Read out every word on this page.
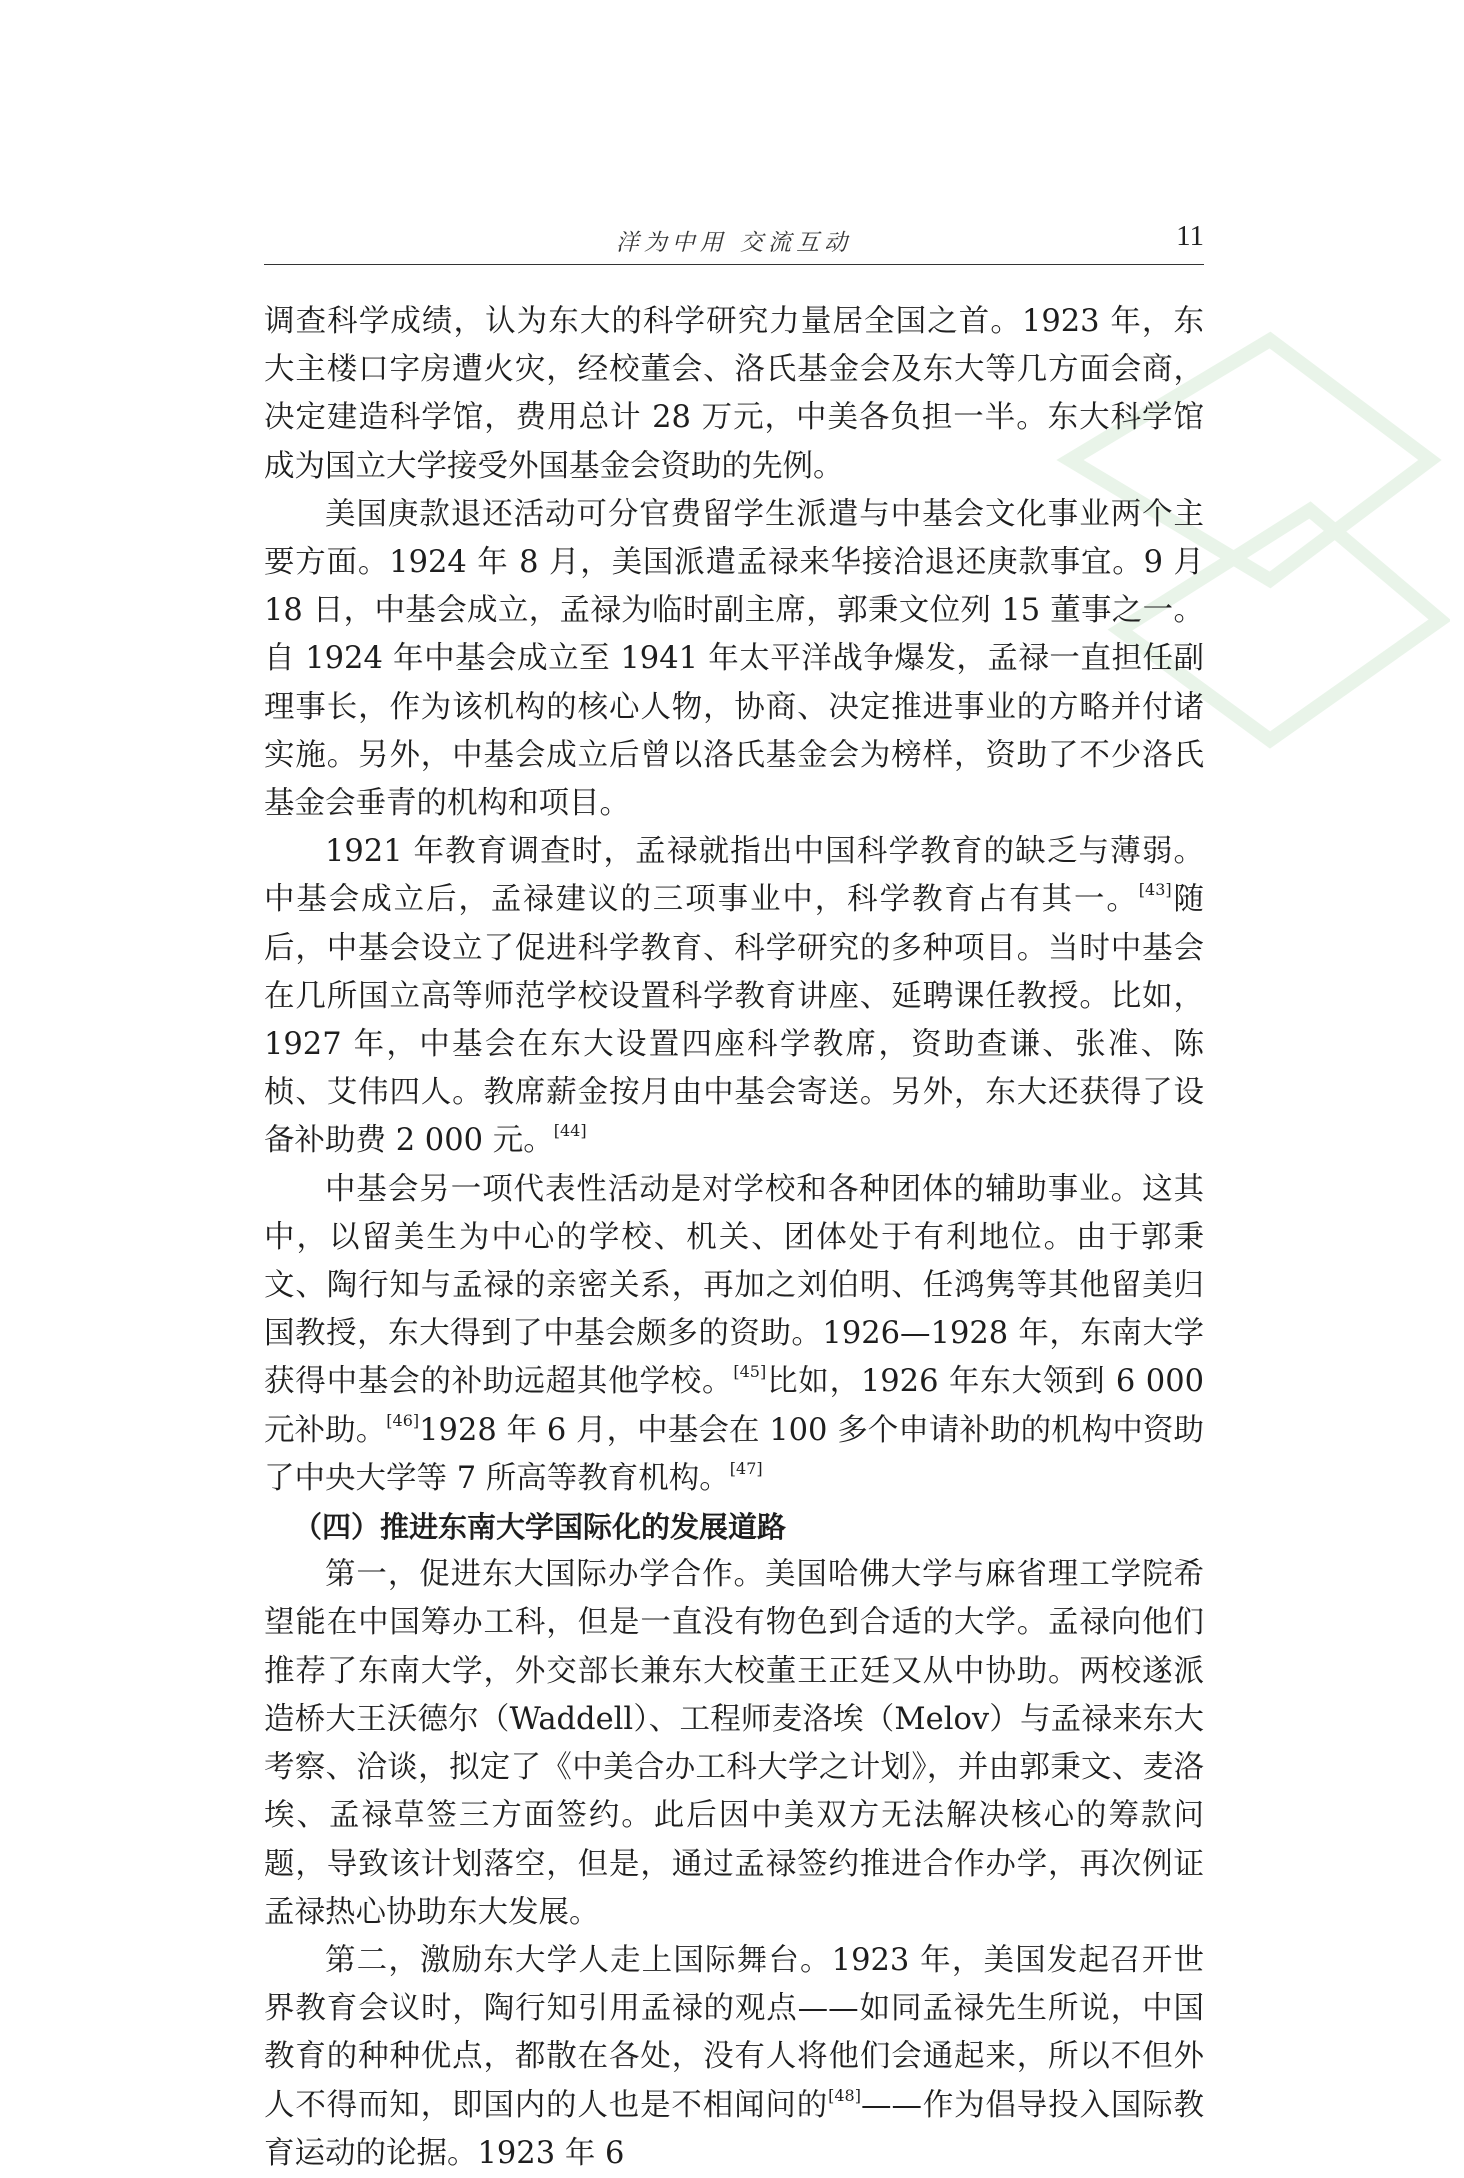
洋为中用 交流互动	11

调查科学成绩，认为东大的科学研究力量居全国之首。1923 年，东大主楼口字房遭火灾，经校董会、洛氏基金会及东大等几方面会商，决定建造科学馆，费用总计 28 万元，中美各负担一半。东大科学馆成为国立大学接受外国基金会资助的先例。

美国庚款退还活动可分官费留学生派遣与中基会文化事业两个主要方面。1924 年 8 月，美国派遣孟禄来华接洽退还庚款事宜。9 月 18 日，中基会成立，孟禄为临时副主席，郭秉文位列 15 董事之一。自 1924 年中基会成立至 1941 年太平洋战争爆发，孟禄一直担任副理事长，作为该机构的核心人物，协商、决定推进事业的方略并付诸实施。另外，中基会成立后曾以洛氏基金会为榜样，资助了不少洛氏基金会垂青的机构和项目。

1921 年教育调查时，孟禄就指出中国科学教育的缺乏与薄弱。中基会成立后，孟禄建议的三项事业中，科学教育占有其一。[43]随后，中基会设立了促进科学教育、科学研究的多种项目。当时中基会在几所国立高等师范学校设置科学教育讲座、延聘课任教授。比如，1927 年，中基会在东大设置四座科学教席，资助查谦、张准、陈桢、艾伟四人。教席薪金按月由中基会寄送。另外，东大还获得了设备补助费 2 000 元。[44]

中基会另一项代表性活动是对学校和各种团体的辅助事业。这其中，以留美生为中心的学校、机关、团体处于有利地位。由于郭秉文、陶行知与孟禄的亲密关系，再加之刘伯明、任鸿隽等其他留美归国教授，东大得到了中基会颇多的资助。1926—1928 年，东南大学获得中基会的补助远超其他学校。[45]比如，1926 年东大领到 6 000 元补助。[46]1928 年 6 月，中基会在 100 多个申请补助的机构中资助了中央大学等 7 所高等教育机构。[47]

（四）推进东南大学国际化的发展道路

第一，促进东大国际办学合作。美国哈佛大学与麻省理工学院希望能在中国筹办工科，但是一直没有物色到合适的大学。孟禄向他们推荐了东南大学，外交部长兼东大校董王正廷又从中协助。两校遂派造桥大王沃德尔（Waddell）、工程师麦洛埃（Melov）与孟禄来东大考察、洽谈，拟定了《中美合办工科大学之计划》，并由郭秉文、麦洛埃、孟禄草签三方面签约。此后因中美双方无法解决核心的筹款问题，导致该计划落空，但是，通过孟禄签约推进合作办学，再次例证孟禄热心协助东大发展。

第二，激励东大学人走上国际舞台。1923 年，美国发起召开世界教育会议时，陶行知引用孟禄的观点——如同孟禄先生所说，中国教育的种种优点，都散在各处，没有人将他们会通起来，所以不但外人不得而知，即国内的人也是不相闻问的[48]——作为倡导投入国际教育运动的论据。1923 年 6
